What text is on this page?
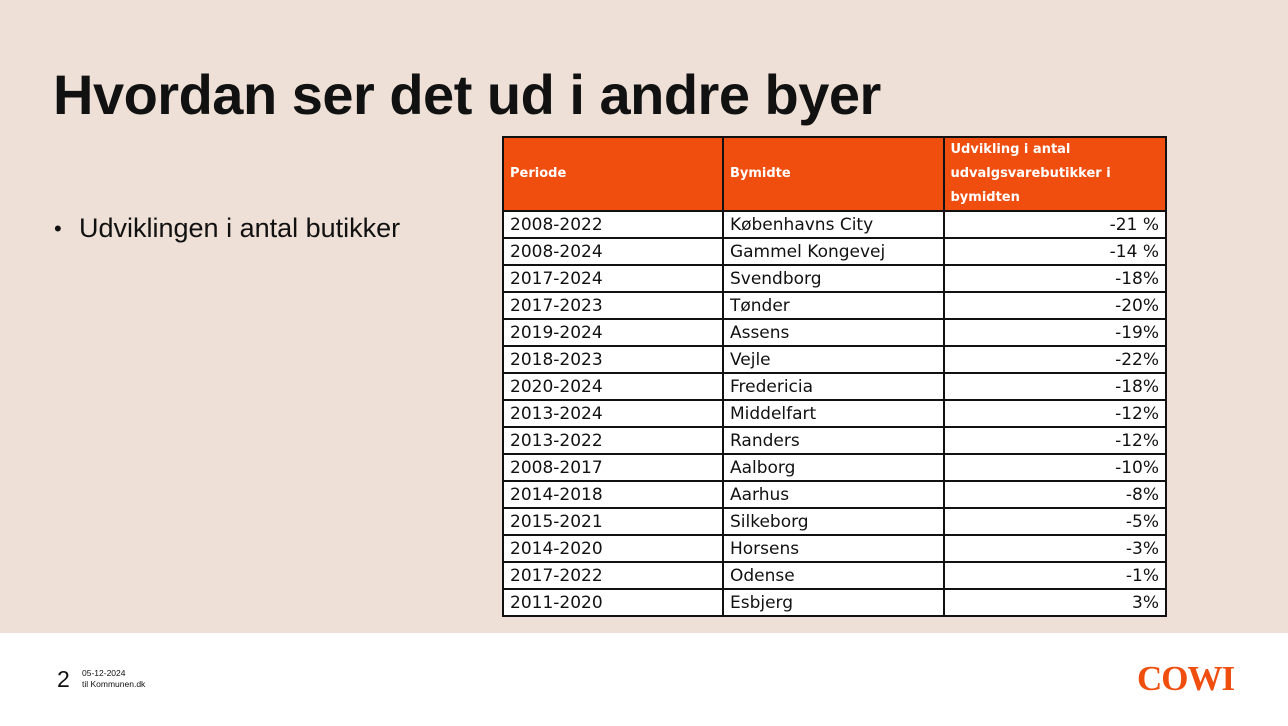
Hvordan ser det ud i andre byer
• Udviklingen i antal butikker
Periode	Bymidte	Udvikling i antal udvalgsvarebutikker i bymidten
2008-2022	Københavns City	-21 %
2008-2024	Gammel Kongevej	-14 %
2017-2024	Svendborg	-18%
2017-2023	Tønder	-20%
2019-2024	Assens	-19%
2018-2023	Vejle	-22%
2020-2024	Fredericia	-18%
2013-2024	Middelfart	-12%
2013-2022	Randers	-12%
2008-2017	Aalborg	-10%
2014-2018	Aarhus	-8%
2015-2021	Silkeborg	-5%
2014-2020	Horsens	-3%
2017-2022	Odense	-1%
2011-2020	Esbjerg	3%
2 05-12-2024
til Kommunen.dk	COWI
